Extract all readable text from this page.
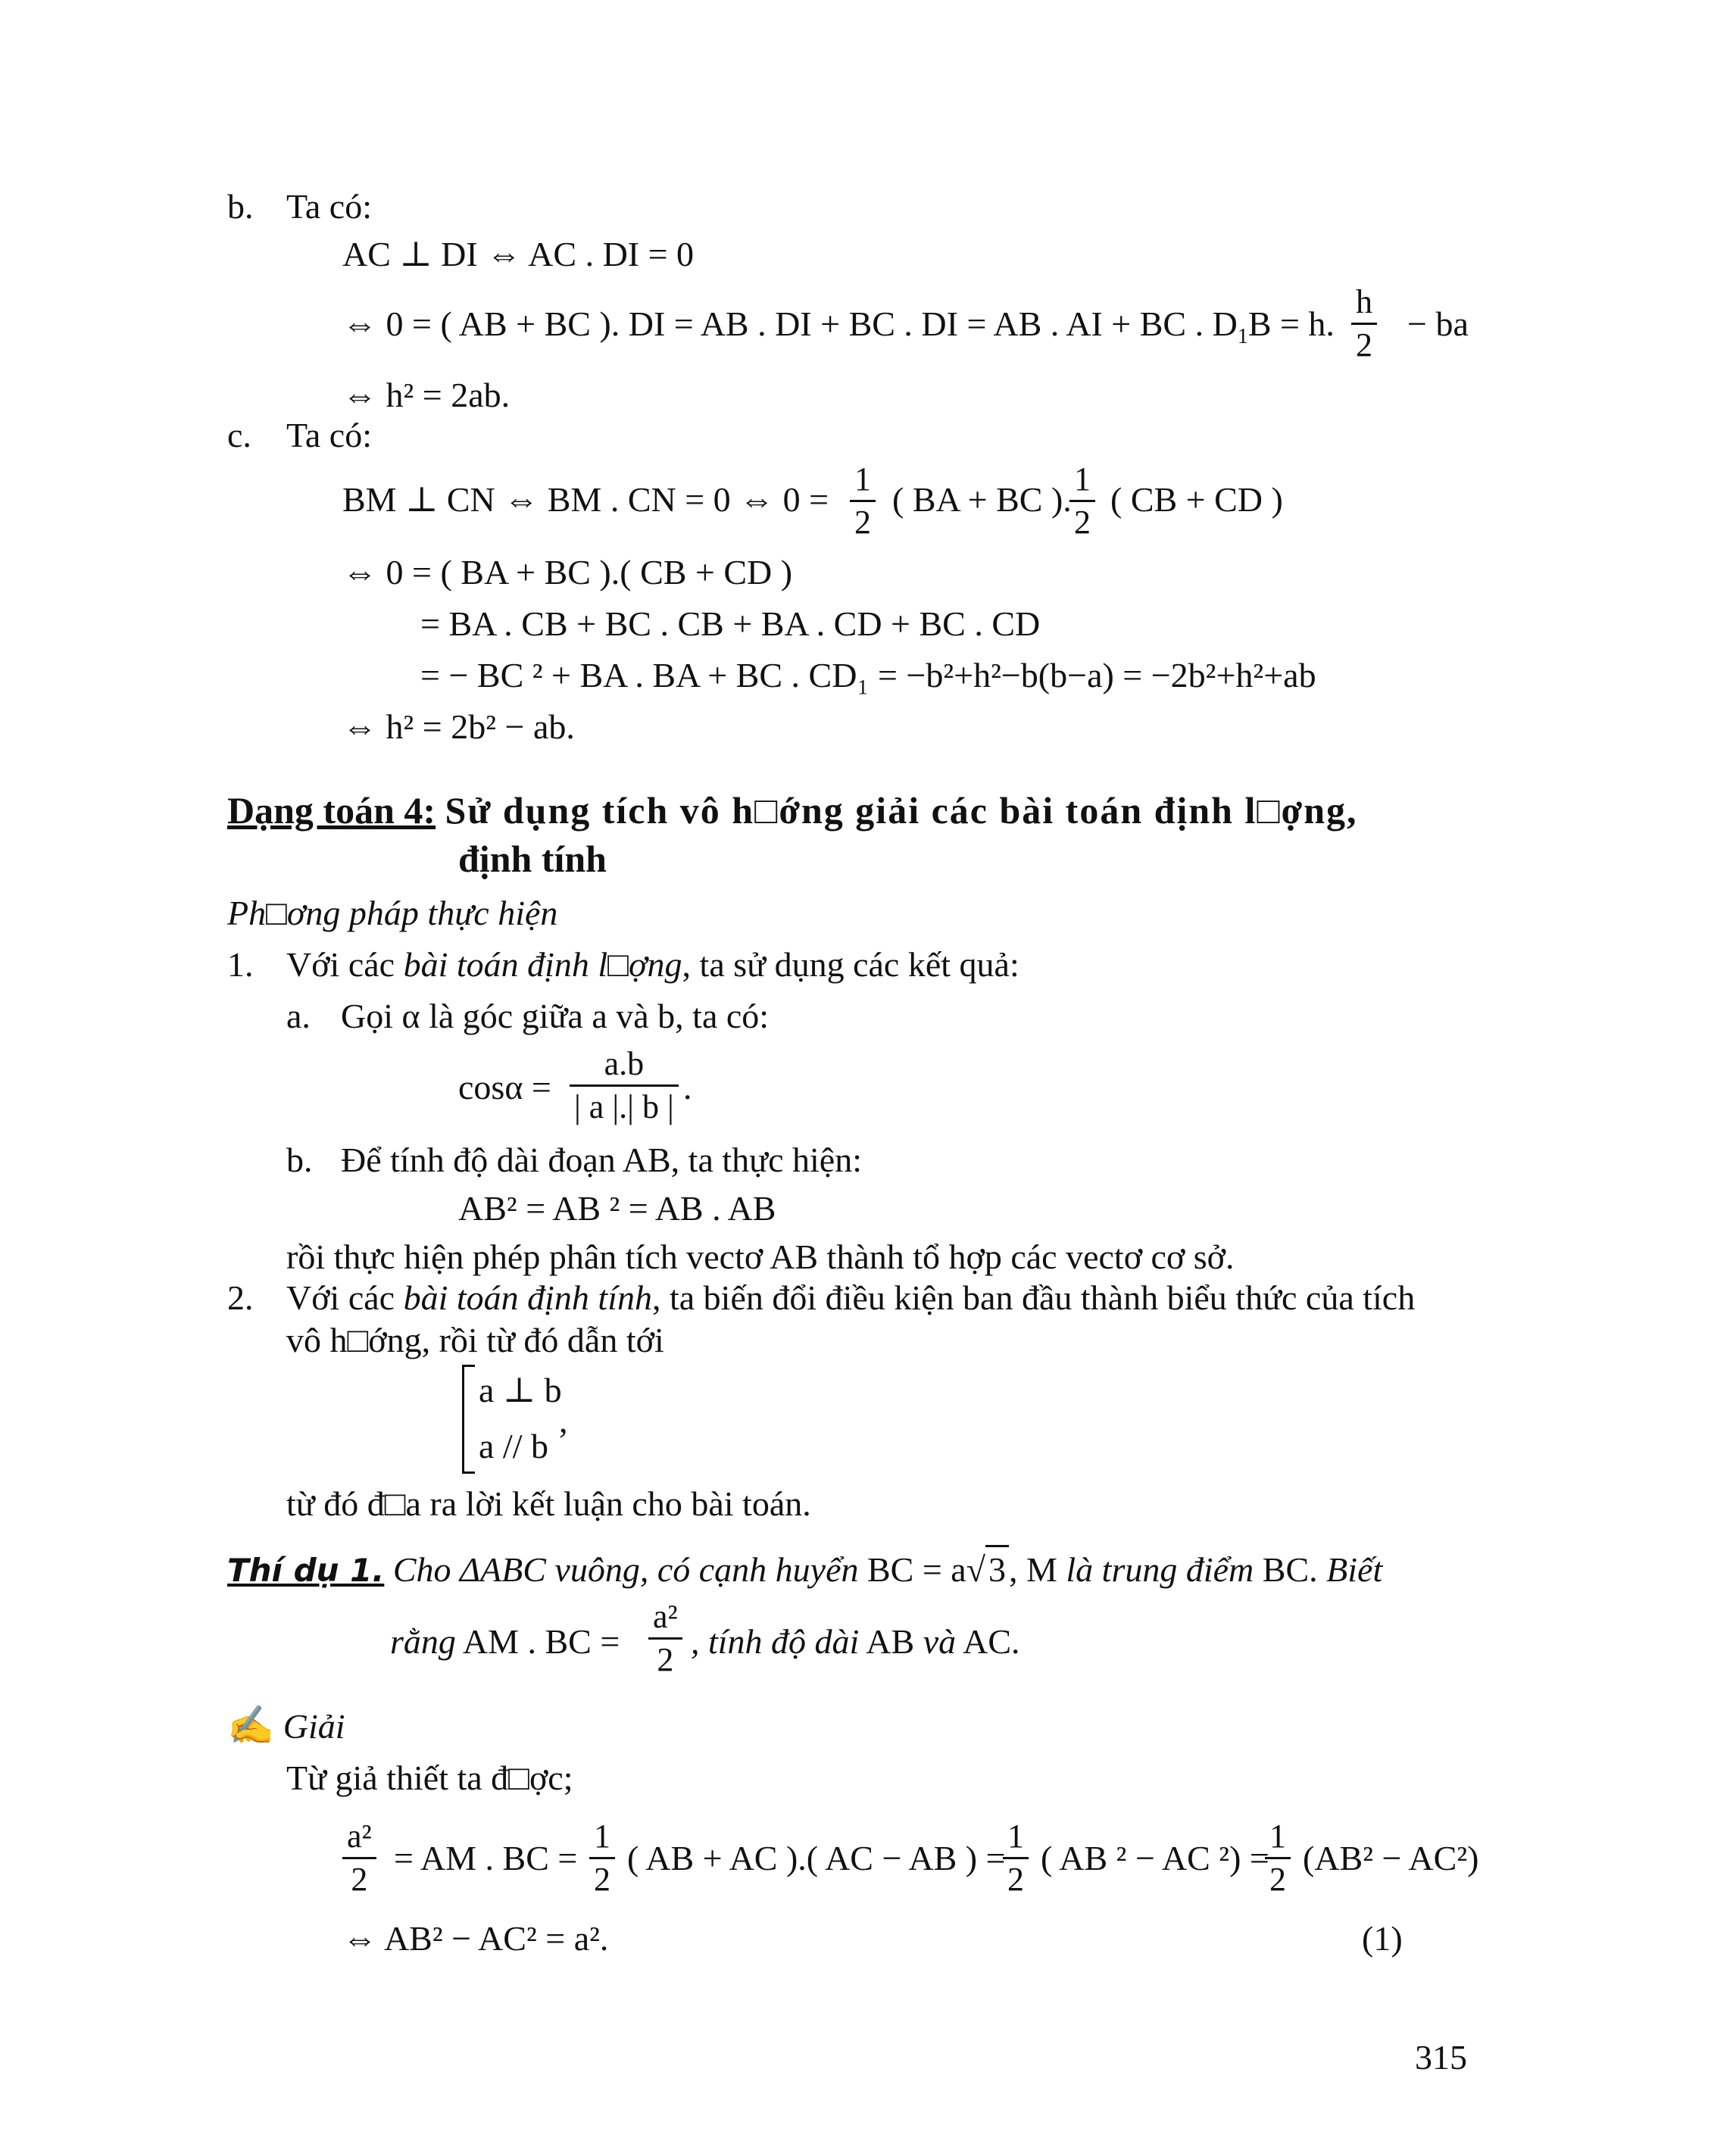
b. Ta có:
AC ⊥ DI ⇔ AC . DI = 0
⇔ 0 = ( AB + BC ). DI = AB . DI + BC . DI = AB . AI + BC . $D_1B = h$. $\frac{h}{2}$ − ba
⇔ h² = 2ab.
c. Ta có:
BM ⊥ CN ⇔ BM . CN = 0 ⇔ $0 = \frac{1}{2}$ ( BA + BC ).
$\frac{1}{2}$ ( CB + CD )
⇔ 0 = ( BA + BC ).( CB + CD )
= BA . CB + BC . CB + BA . CD + BC . CD
= − BC ² + BA . BA + BC . CD₁ = −b²+h²−b(b−a) = −2b²+h²+ab
⇔ h² = 2b² − ab.
Dạng toán 4: Sử dụng tích vô h□ớng giải các bài toán định l□ợng,
định tính
Ph□ơng pháp thực hiện
1. Với các bài toán định l□ợng, ta sử dụng các kết quả:
a. Gọi α là góc giữa a và b, ta có:
$\cos\alpha = \frac{a.b}{| a |.| b |}$ .
b. Để tính độ dài đoạn AB, ta thực hiện:
AB² = AB ² = AB . AB
rồi thực hiện phép phân tích vectơ AB thành tổ hợp các vectơ cơ sở.
2. Với các bài toán định tính, ta biến đổi điều kiện ban đầu thành biểu thức của tích
vô h□ớng, rồi từ đó dẫn tới
a ⊥ b
a // b
,
từ đó đ□a ra lời kết luận cho bài toán.
Thí dụ 1. Cho ΔABC vuông, có cạnh huyển BC = a√3, M là trung điểm BC. Biết
rằng AM . BC = $\frac{\text{a²}}{2}$ , tính độ dài AB và AC.
✍ Giải
Từ giả thiết ta đ□ợc;
$\frac{\text{a²}}{2}$ = AM . BC = $\frac{1}{2}$ ( AB + AC ).( AC − AB ) =
$\frac{1}{2}$ ( AB ² − AC ²) =
$\frac{1}{2} (AB^2 - AC^2)$
⇔ AB² − AC² = a².	(1)
315
